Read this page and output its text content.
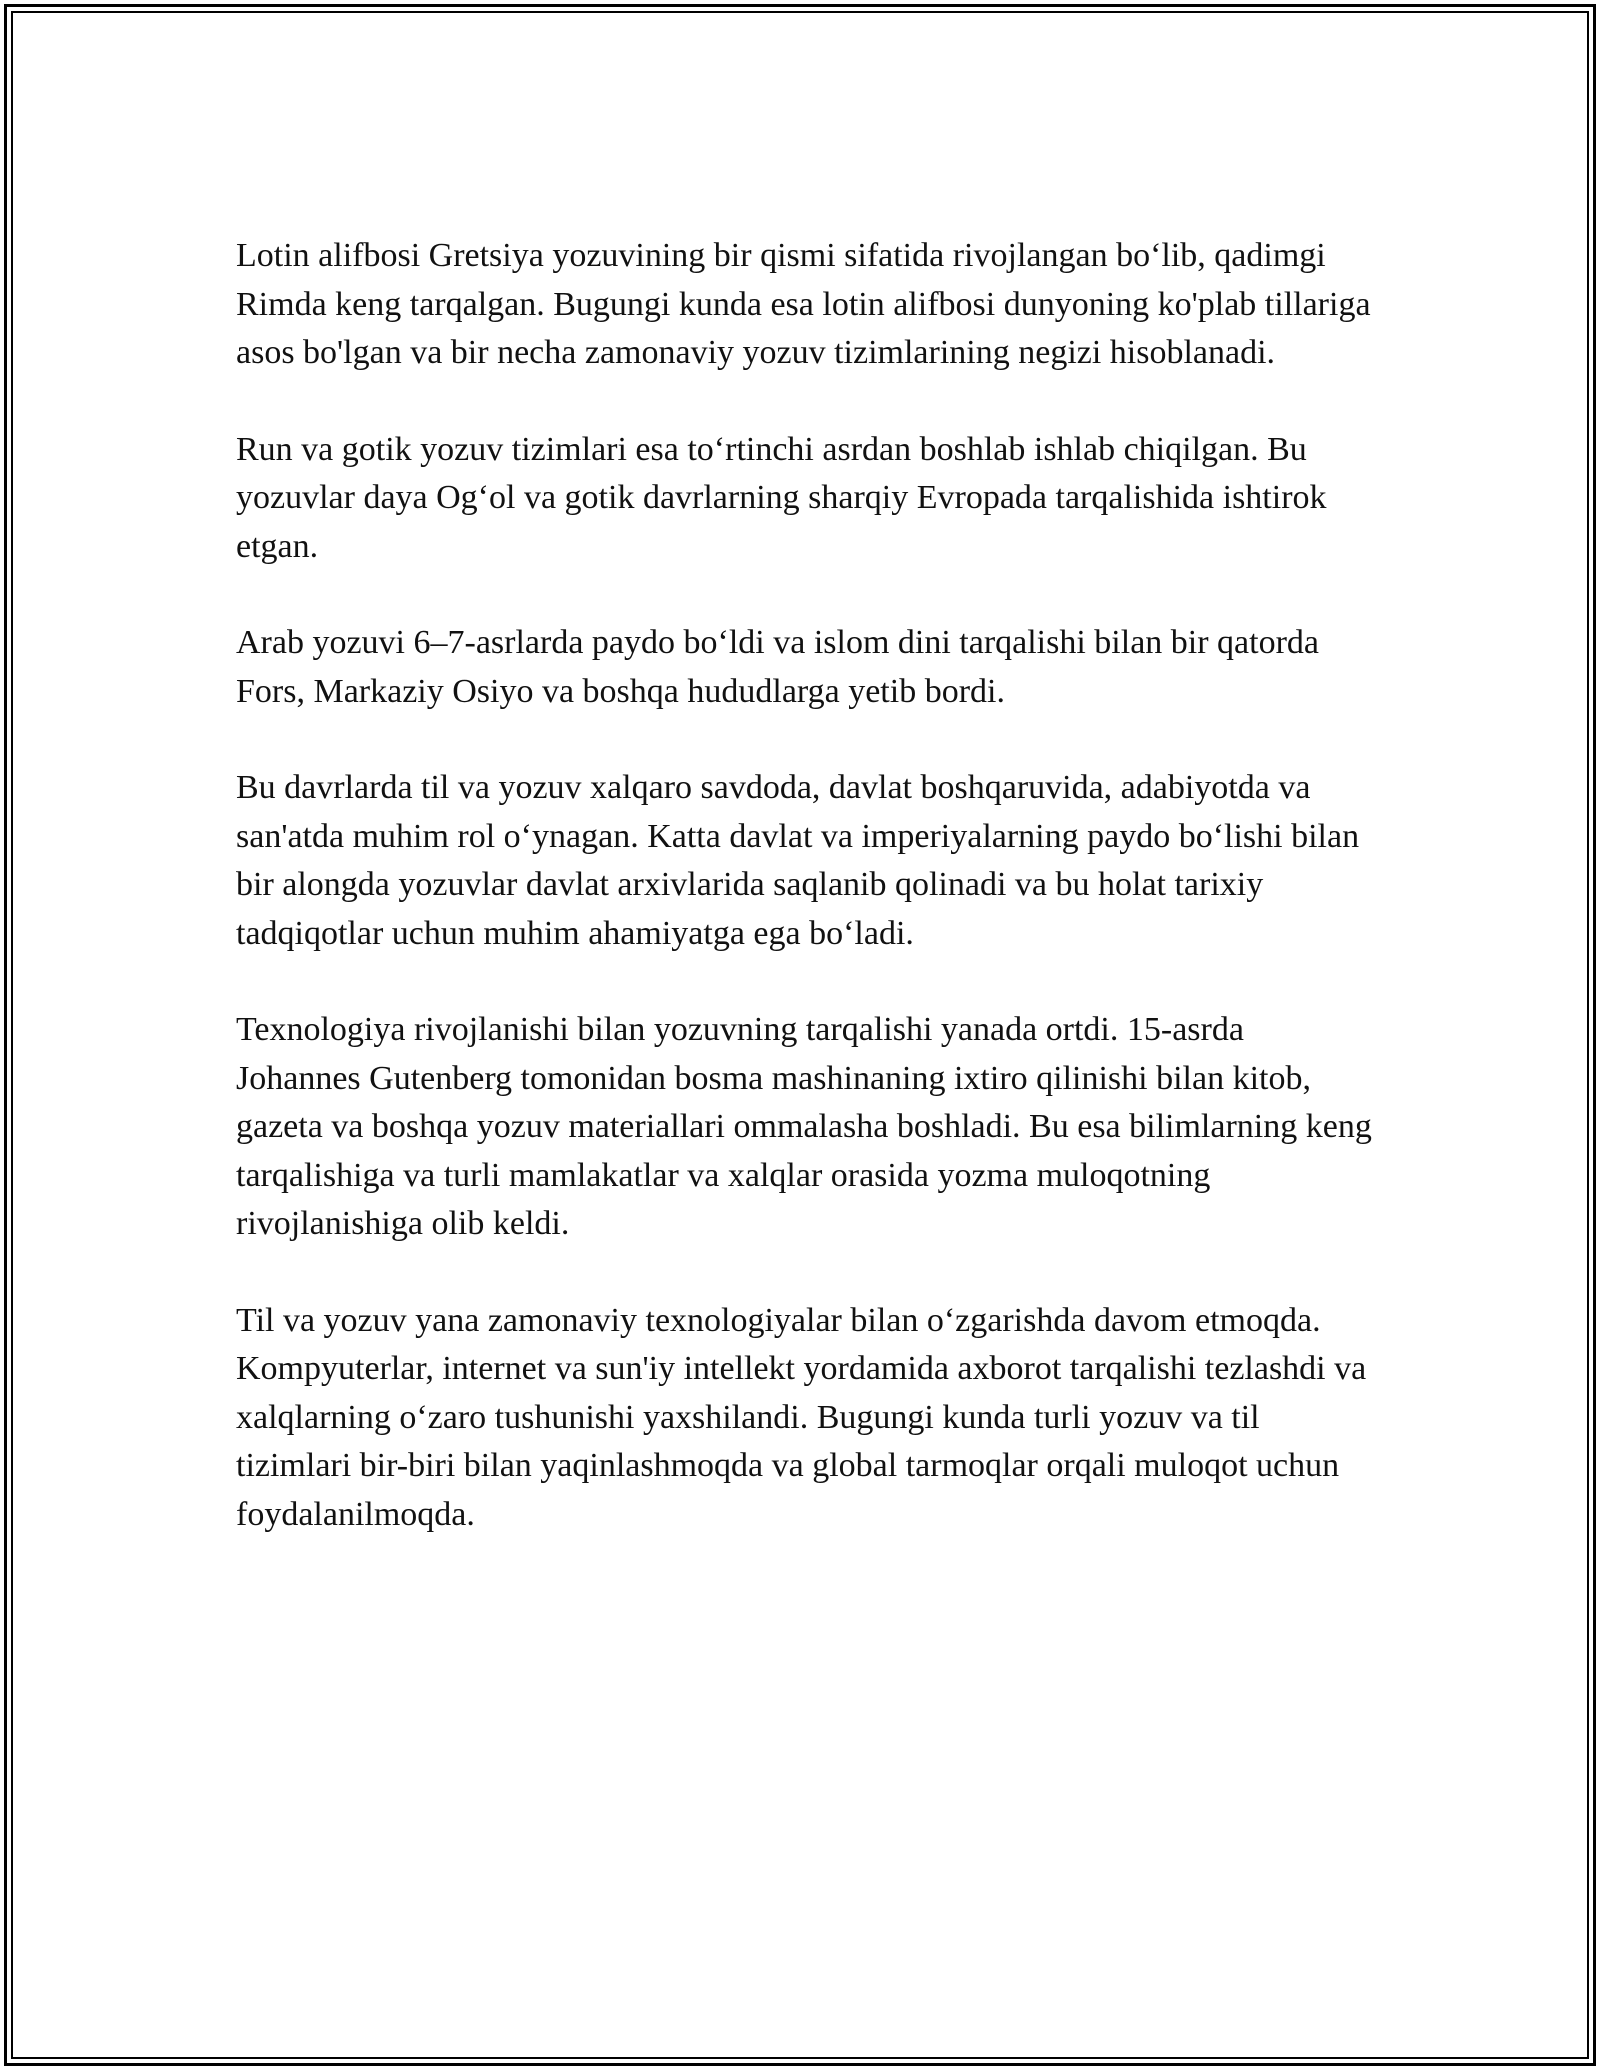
Lotin alifbosi Gretsiya yozuvining bir qismi sifatida rivojlangan bo‘lib, qadimgi Rimda keng tarqalgan. Bugungi kunda esa lotin alifbosi dunyoning ko'plab tillariga asos bo'lgan va bir necha zamonaviy yozuv tizimlarining negizi hisoblanadi.

Run va gotik yozuv tizimlari esa to‘rtinchi asrdan boshlab ishlab chiqilgan. Bu yozuvlar daya Og‘ol va gotik davrlarning sharqiy Evropada tarqalishida ishtirok etgan.

Arab yozuvi 6–7-asrlarda paydo bo‘ldi va islom dini tarqalishi bilan bir qatorda Fors, Markaziy Osiyo va boshqa hududlarga yetib bordi.

Bu davrlarda til va yozuv xalqaro savdoda, davlat boshqaruvida, adabiyotda va san'atda muhim rol o‘ynagan. Katta davlat va imperiyalarning paydo bo‘lishi bilan bir alongda yozuvlar davlat arxivlarida saqlanib qolinadi va bu holat tarixiy tadqiqotlar uchun muhim ahamiyatga ega bo‘ladi.

Texnologiya rivojlanishi bilan yozuvning tarqalishi yanada ortdi. 15-asrda Johannes Gutenberg tomonidan bosma mashinaning ixtiro qilinishi bilan kitob, gazeta va boshqa yozuv materiallari ommalasha boshladi. Bu esa bilimlarning keng tarqalishiga va turli mamlakatlar va xalqlar orasida yozma muloqotning rivojlanishiga olib keldi.

Til va yozuv yana zamonaviy texnologiyalar bilan o‘zgarishda davom etmoqda. Kompyuterlar, internet va sun'iy intellekt yordamida axborot tarqalishi tezlashdi va xalqlarning o‘zaro tushunishi yaxshilandi. Bugungi kunda turli yozuv va til tizimlari bir-biri bilan yaqinlashmoqda va global tarmoqlar orqali muloqot uchun foydalanilmoqda.
